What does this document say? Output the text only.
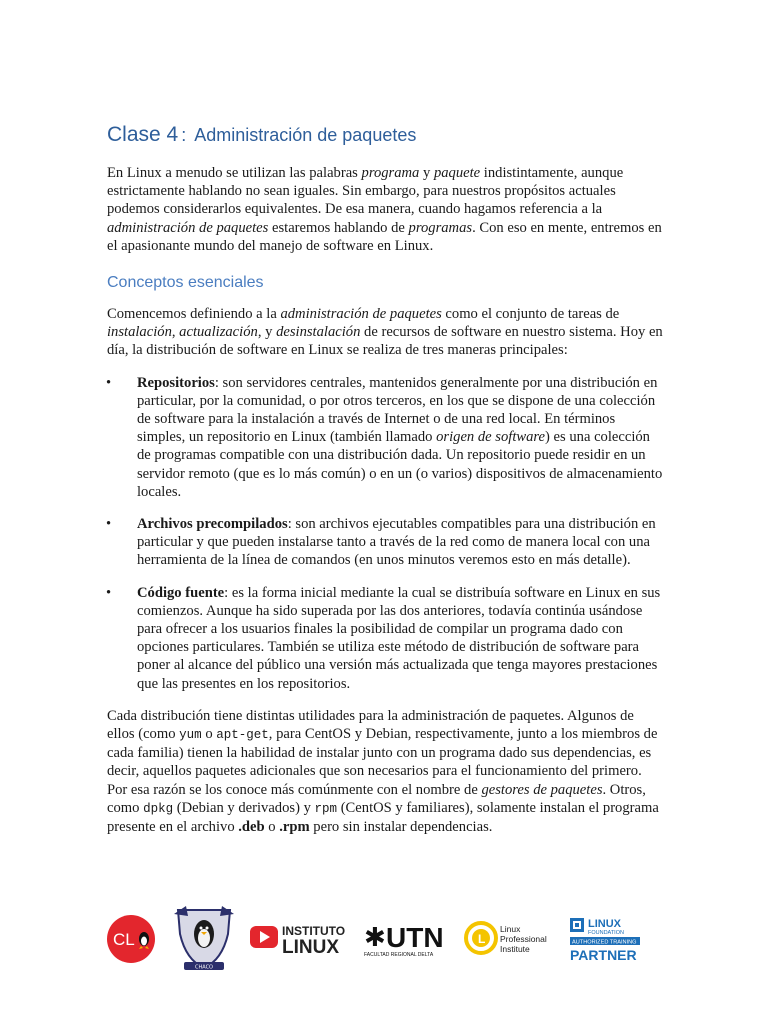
Clase 4 : Administración de paquetes

En Linux a menudo se utilizan las palabras programa y paquete indistintamente, aunque estrictamente hablando no sean iguales. Sin embargo, para nuestros propósitos actuales podemos considerarlos equivalentes. De esa manera, cuando hagamos referencia a la administración de paquetes estaremos hablando de programas. Con eso en mente, entremos en el apasionante mundo del manejo de software en Linux.

Conceptos esenciales

Comencemos definiendo a la administración de paquetes como el conjunto de tareas de instalación, actualización, y desinstalación de recursos de software en nuestro sistema. Hoy en día, la distribución de software en Linux se realiza de tres maneras principales:

• Repositorios: son servidores centrales, mantenidos generalmente por una distribución en particular, por la comunidad, o por otros terceros, en los que se dispone de una colección de software para la instalación a través de Internet o de una red local. En términos simples, un repositorio en Linux (también llamado origen de software) es una colección de programas compatible con una distribución dada. Un repositorio puede residir en un servidor remoto (que es lo más común) o en un (o varios) dispositivos de almacenamiento locales.
• Archivos precompilados: son archivos ejecutables compatibles para una distribución en particular y que pueden instalarse tanto a través de la red como de manera local con una herramienta de la línea de comandos (en unos minutos veremos esto en más detalle).
• Código fuente: es la forma inicial mediante la cual se distribuía software en Linux en sus comienzos. Aunque ha sido superada por las dos anteriores, todavía continúa usándose para ofrecer a los usuarios finales la posibilidad de compilar un programa dado con opciones particulares. También se utiliza este método de distribución de software para poner al alcance del público una versión más actualizada que tenga mayores prestaciones que las presentes en los repositorios.

Cada distribución tiene distintas utilidades para la administración de paquetes. Algunos de ellos (como yum o apt-get, para CentOS y Debian, respectivamente, junto a los miembros de cada familia) tienen la habilidad de instalar junto con un programa dado sus dependencias, es decir, aquellos paquetes adicionales que son necesarios para el funcionamiento del primero. Por esa razón se los conoce más comúnmente con el nombre de gestores de paquetes. Otros, como dpkg (Debian y derivados) y rpm (CentOS y familiares), solamente instalan el programa presente en el archivo .deb o .rpm pero sin instalar dependencias.

CL
CHACO
INSTITUTO
LINUX ✱ UTN
FACULTAD REGIONAL DELTA
L
Linux
Professional
Institute
LINUX
FOUNDATION
AUTHORIZED TRAINING
PARTNER
